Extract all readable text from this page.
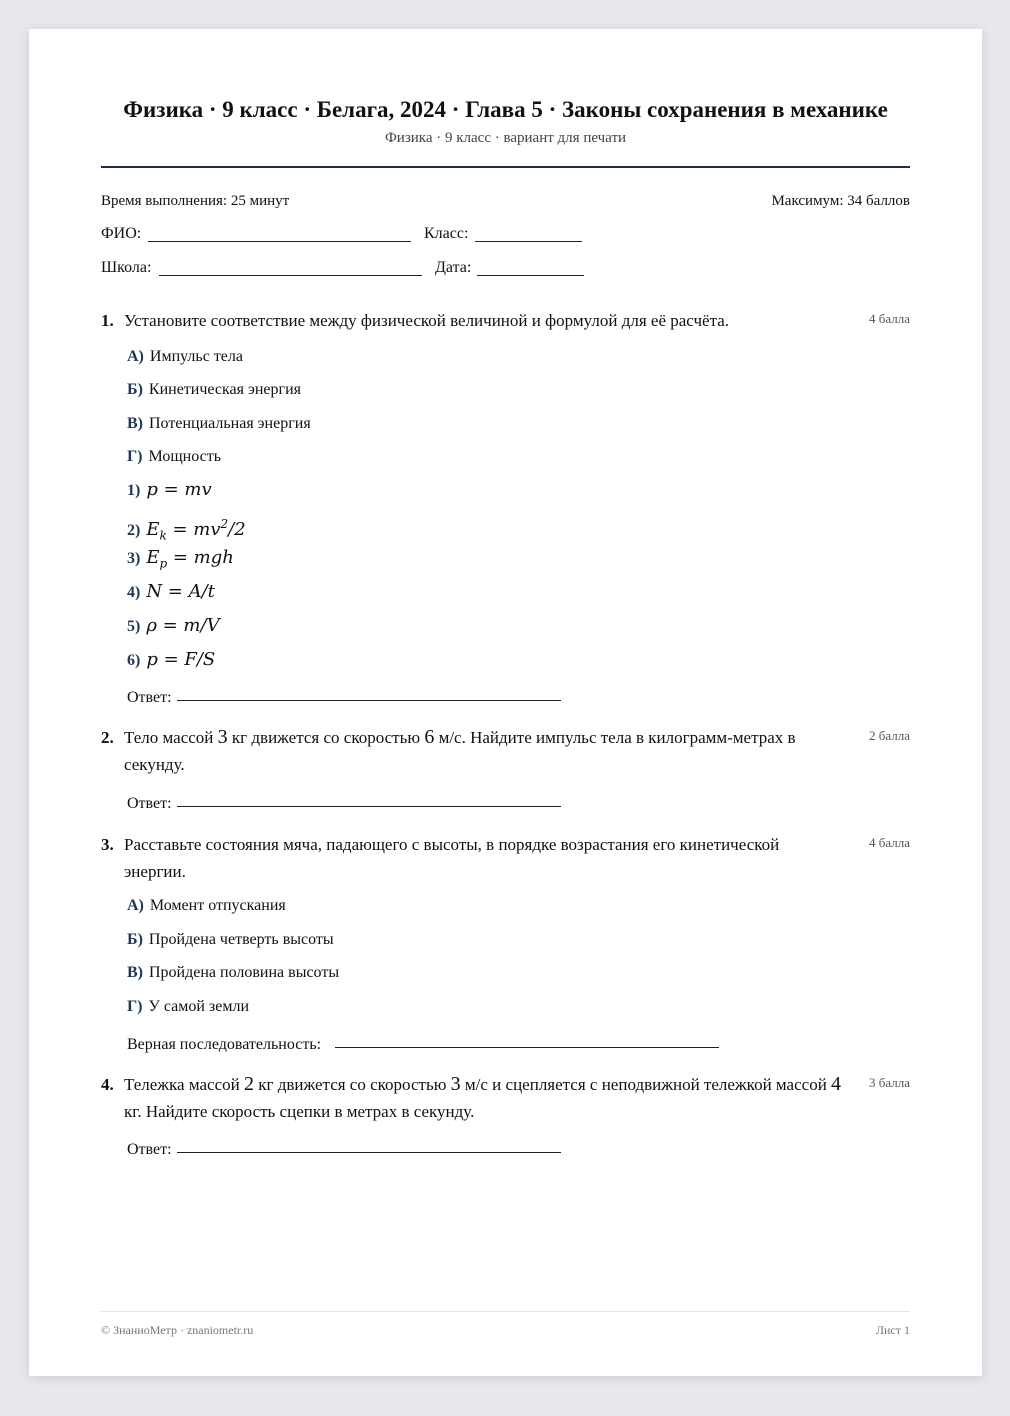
Физика · 9 класс · Белага, 2024 · Глава 5 · Законы сохранения в механике
Физика · 9 класс · вариант для печати
Время выполнения: 25 минут	Максимум: 34 баллов
ФИО:	Класс:
Школа:	Дата:
1. Установите соответствие между физической величиной и формулой для её расчёта.	4 балла
А) Импульс тела
Б) Кинетическая энергия
В) Потенциальная энергия
Г) Мощность
1) p = mv
2) $E_k = mv^2/2$
3) $E_p$ = mgh
4) N = A/t
5) ρ = m/V
6) p = F/S
Ответ:
2. Тело массой 3 кг движется со скоростью 6 м/с. Найдите импульс тела в килограмм-метрах в секунду.
2 балла
Ответ:
3. Расставьте состояния мяча, падающего с высоты, в порядке возрастания его кинетической энергии.
4 балла
А) Момент отпускания
Б) Пройдена четверть высоты
В) Пройдена половина высоты
Г) У самой земли
Верная последовательность:
4. Тележка массой 2 кг движется со скоростью 3 м/с и сцепляется с неподвижной тележкой массой 4 кг. Найдите скорость сцепки в метрах в секунду.
3 балла
Ответ:
© ЗнаниоМетр · znaniometr.ru	Лист 1
